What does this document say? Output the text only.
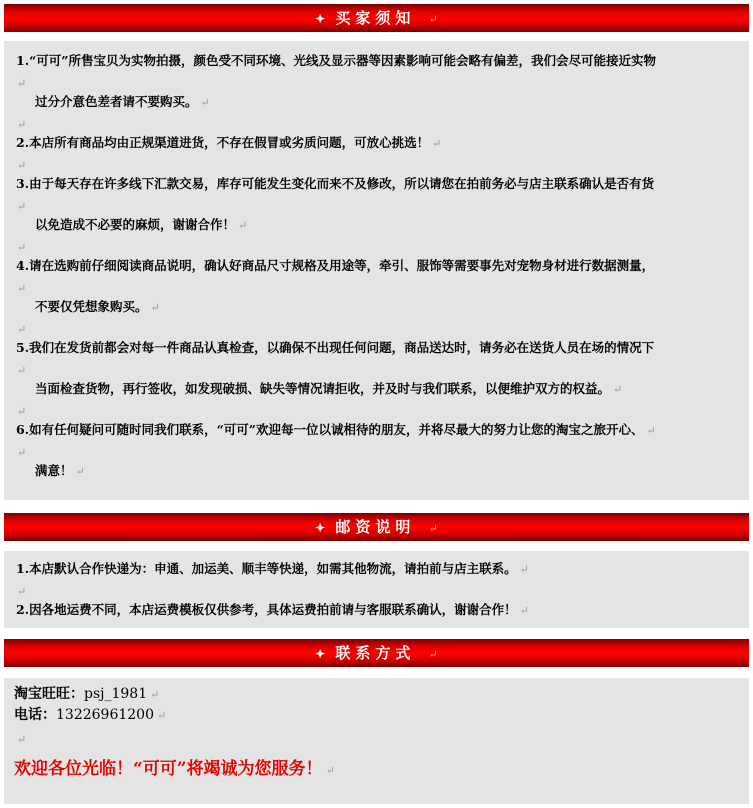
✦ 买家须知 ↵
1.“可可”所售宝贝为实物拍摄，颜色受不同环境、光线及显示器等因素影响可能会略有偏差，我们会尽可能接近实物
↵
过分介意色差者请不要购买。 ↵
↵
2.本店所有商品均由正规渠道进货，不存在假冒或劣质问题，可放心挑选！ ↵
↵
3.由于每天存在许多线下汇款交易，库存可能发生变化而来不及修改，所以请您在拍前务必与店主联系确认是否有货
↵
以免造成不必要的麻烦，谢谢合作！ ↵
↵
4.请在选购前仔细阅读商品说明，确认好商品尺寸规格及用途等，牵引、服饰等需要事先对宠物身材进行数据测量，
↵
不要仅凭想象购买。 ↵
↵
5.我们在发货前都会对每一件商品认真检查，以确保不出现任何问题，商品送达时，请务必在送货人员在场的情况下
↵
当面检查货物，再行签收，如发现破损、缺失等情况请拒收，并及时与我们联系，以便维护双方的权益。 ↵
↵
6.如有任何疑问可随时同我们联系，“可可”欢迎每一位以诚相待的朋友，并将尽最大的努力让您的淘宝之旅开心、 ↵
↵
满意！ ↵
✦ 邮资说明 ↵
1.本店默认合作快递为：申通、加运美、顺丰等快递，如需其他物流，请拍前与店主联系。 ↵
↵
2.因各地运费不同，本店运费模板仅供参考，具体运费拍前请与客服联系确认，谢谢合作！ ↵
✦ 联系方式 ↵
淘宝旺旺：psj_1981 ↵
电话：13226961200 ↵
↵
欢迎各位光临！“可可”将竭诚为您服务！ ↵
